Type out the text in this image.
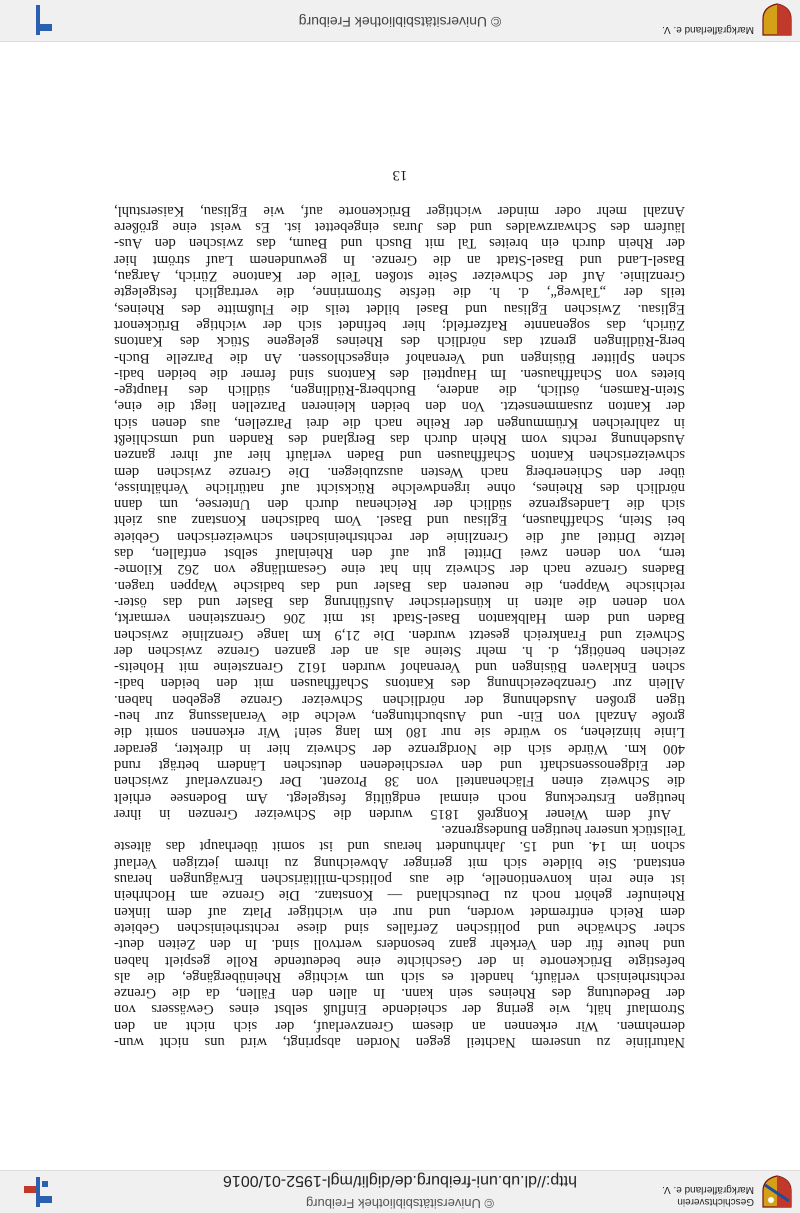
Geschichtsverein Markgräflerland e. V.
© Universitätsbibliothek Freiburg
http://dl.ub.uni-freiburg.de/diglit/mgl-1952-01/0016
Naturlinie zu unserem Nachteil gegen Norden abspringt, wird uns nicht wun-
dernehmen. Wir erkennen an diesem Grenzverlauf, der sich nicht an den
Stromlauf hält, wie gering der scheidende Einfluß selbst eines Gewässers von
der Bedeutung des Rheines sein kann. In allen den Fällen, da die Grenze
rechtsrheinisch verläuft, handelt es sich um wichtige Rheinübergänge, die als
befestigte Brückenorte in der Geschichte eine bedeutende Rolle gespielt haben
und heute für den Verkehr ganz besonders wertvoll sind. In den Zeiten deut-
scher Schwäche und politischen Zerfalles sind diese rechtsrheinischen Gebiete
dem Reich entfremdet worden, und nur ein wichtiger Platz auf dem linken
Rheinufer gehört noch zu Deutschland — Konstanz. Die Grenze am Hochrhein
ist eine rein konventionelle, die aus politisch-militärischen Erwägungen heraus
entstand. Sie bildete sich mit geringer Abweichung zu ihrem jetzigen Verlauf
schon im 14. und 15. Jahrhundert heraus und ist somit überhaupt das älteste
Teilstück unserer heutigen Bundesgrenze.
Auf dem Wiener Kongreß 1815 wurden die Schweizer Grenzen in ihrer
heutigen Erstreckung noch einmal endgültig festgelegt. Am Bodensee erhielt
die Schweiz einen Flächenanteil von 38 Prozent. Der Grenzverlauf zwischen
der Eidgenossenschaft und den verschiedenen deutschen Ländern beträgt rund
400 km. Würde sich die Nordgrenze der Schweiz hier in direkter, gerader
Linie hinziehen, so würde sie nur 180 km lang sein! Wir erkennen somit die
große Anzahl von Ein- und Ausbuchtungen, welche die Veranlassung zur heu-
tigen großen Ausdehnung der nördlichen Schweizer Grenze gegeben haben.
Allein zur Grenzbezeichnung des Kantons Schaffhausen mit den beiden badi-
schen Enklaven Büsingen und Verenahof wurden 1612 Grenzsteine mit Hoheits-
zeichen benötigt, d. h. mehr Steine als an der ganzen Grenze zwischen der
Schweiz und Frankreich gesetzt wurden. Die 21,9 km lange Grenzlinie zwischen
Baden und dem Halbkanton Basel-Stadt ist mit 206 Grenzsteinen vermarkt,
von denen die alten in künstlerischer Ausführung das Basler und das öster-
reichische Wappen, die neueren das Basler und das badische Wappen tragen.
Badens Grenze nach der Schweiz hin hat eine Gesamtlänge von 262 Kilome-
tern, von denen zwei Drittel gut auf den Rheinlauf selbst entfallen, das
letzte Drittel auf die Grenzlinie der rechtsrheinischen schweizerischen Gebiete
bei Stein, Schaffhausen, Eglisau und Basel. Vom badischen Konstanz aus zieht
sich die Landesgrenze südlich der Reichenau durch den Untersee, um dann
nördlich des Rheines, ohne irgendwelche Rücksicht auf natürliche Verhältnisse,
über den Schienerberg nach Westen auszubiegen. Die Grenze zwischen dem
schweizerischen Kanton Schaffhausen und Baden verläuft hier auf ihrer ganzen
Ausdehnung rechts vom Rhein durch das Bergland des Randen und umschließt
in zahlreichen Krümmungen der Reihe nach die drei Parzellen, aus denen sich
der Kanton zusammensetzt. Von den beiden kleineren Parzellen liegt die eine,
Stein-Ramsen, östlich, die andere, Buchberg-Rüdlingen, südlich des Hauptge-
bietes von Schaffhausen. Im Hauptteil des Kantons sind ferner die beiden badi-
schen Splitter Büsingen und Verenahof eingeschlossen. An die Parzelle Buch-
berg-Rüdlingen grenzt das nördlich des Rheines gelegene Stück des Kantons
Zürich, das sogenannte Rafzerfeld; hier befindet sich der wichtige Brückenort
Eglisau. Zwischen Eglisau und Basel bildet teils die Flußmitte des Rheines,
teils der „Talweg“, d. h. die tiefste Stromrinne, die vertraglich festgelegte
Grenzlinie. Auf der Schweizer Seite stoßen Teile der Kantone Zürich, Aargau,
Basel-Land und Basel-Stadt an die Grenze. In gewundenem Lauf strömt hier
der Rhein durch ein breites Tal mit Busch und Baum, das zwischen den Aus-
läufern des Schwarzwaldes und des Juras eingebettet ist. Es weist eine größere
Anzahl mehr oder minder wichtiger Brückenorte auf, wie Eglisau, Kaiserstuhl,
13
Markgräflerland e. V.
© Universitätsbibliothek Freiburg
